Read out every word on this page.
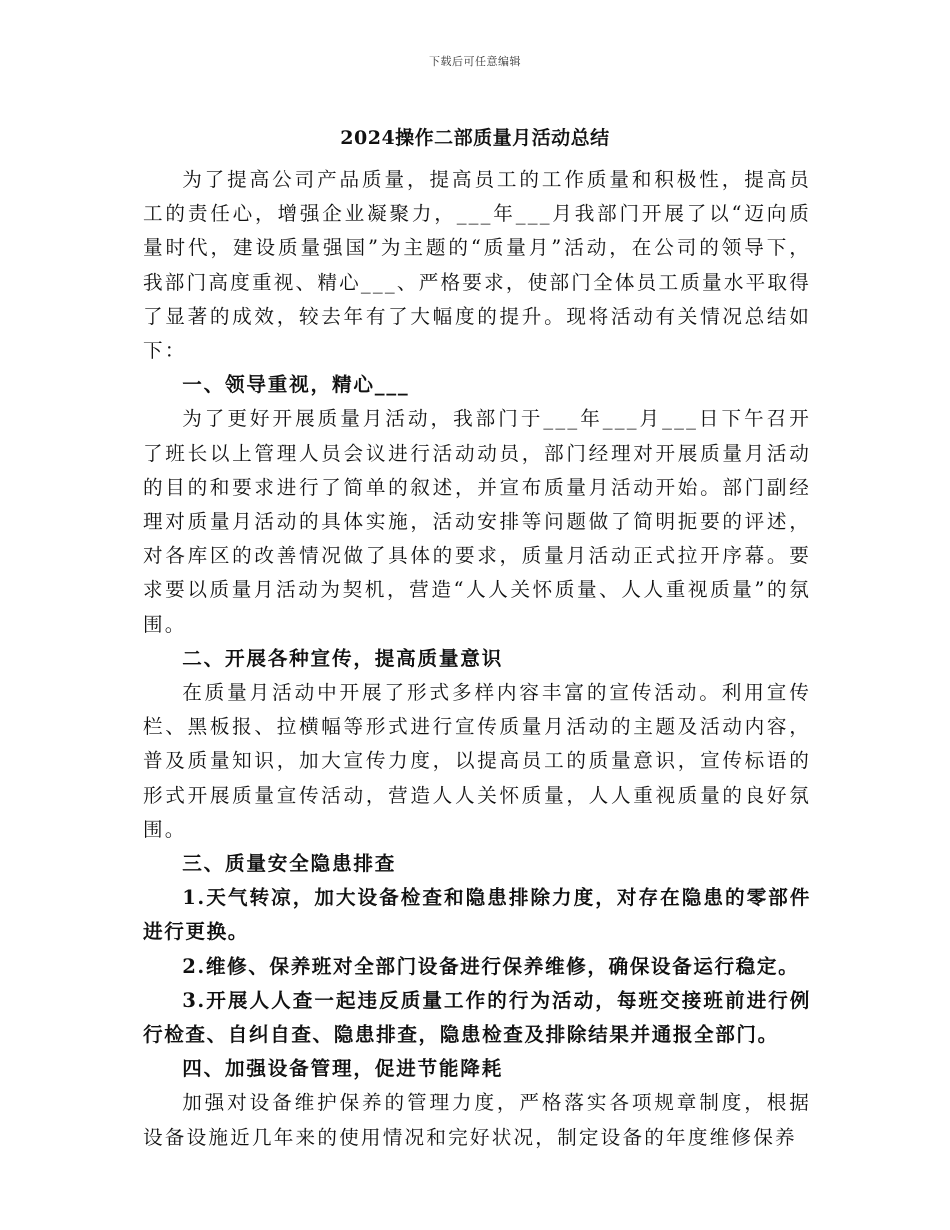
下载后可任意编辑
2024操作二部质量月活动总结

为了提高公司产品质量，提高员工的工作质量和积极性，提高员工的责任心，增强企业凝聚力，___年___月我部门开展了以“迈向质量时代，建设质量强国”为主题的“质量月”活动，在公司的领导下，我部门高度重视、精心___、严格要求，使部门全体员工质量水平取得了显著的成效，较去年有了大幅度的提升。现将活动有关情况总结如下：

一、领导重视，精心___

为了更好开展质量月活动，我部门于___年___月___日下午召开了班长以上管理人员会议进行活动动员，部门经理对开展质量月活动的目的和要求进行了简单的叙述，并宣布质量月活动开始。部门副经理对质量月活动的具体实施，活动安排等问题做了简明扼要的评述，对各库区的改善情况做了具体的要求，质量月活动正式拉开序幕。要求要以质量月活动为契机，营造“人人关怀质量、人人重视质量”的氛围。

二、开展各种宣传，提高质量意识

在质量月活动中开展了形式多样内容丰富的宣传活动。利用宣传栏、黑板报、拉横幅等形式进行宣传质量月活动的主题及活动内容，普及质量知识，加大宣传力度，以提高员工的质量意识，宣传标语的形式开展质量宣传活动，营造人人关怀质量，人人重视质量的良好氛围。

三、质量安全隐患排查

1.天气转凉，加大设备检查和隐患排除力度，对存在隐患的零部件进行更换。

2.维修、保养班对全部门设备进行保养维修，确保设备运行稳定。

3.开展人人查一起违反质量工作的行为活动，每班交接班前进行例行检查、自纠自查、隐患排查，隐患检查及排除结果并通报全部门。

四、加强设备管理，促进节能降耗

加强对设备维护保养的管理力度，严格落实各项规章制度，根据设备设施近几年来的使用情况和完好状况，制定设备的年度维修保养
